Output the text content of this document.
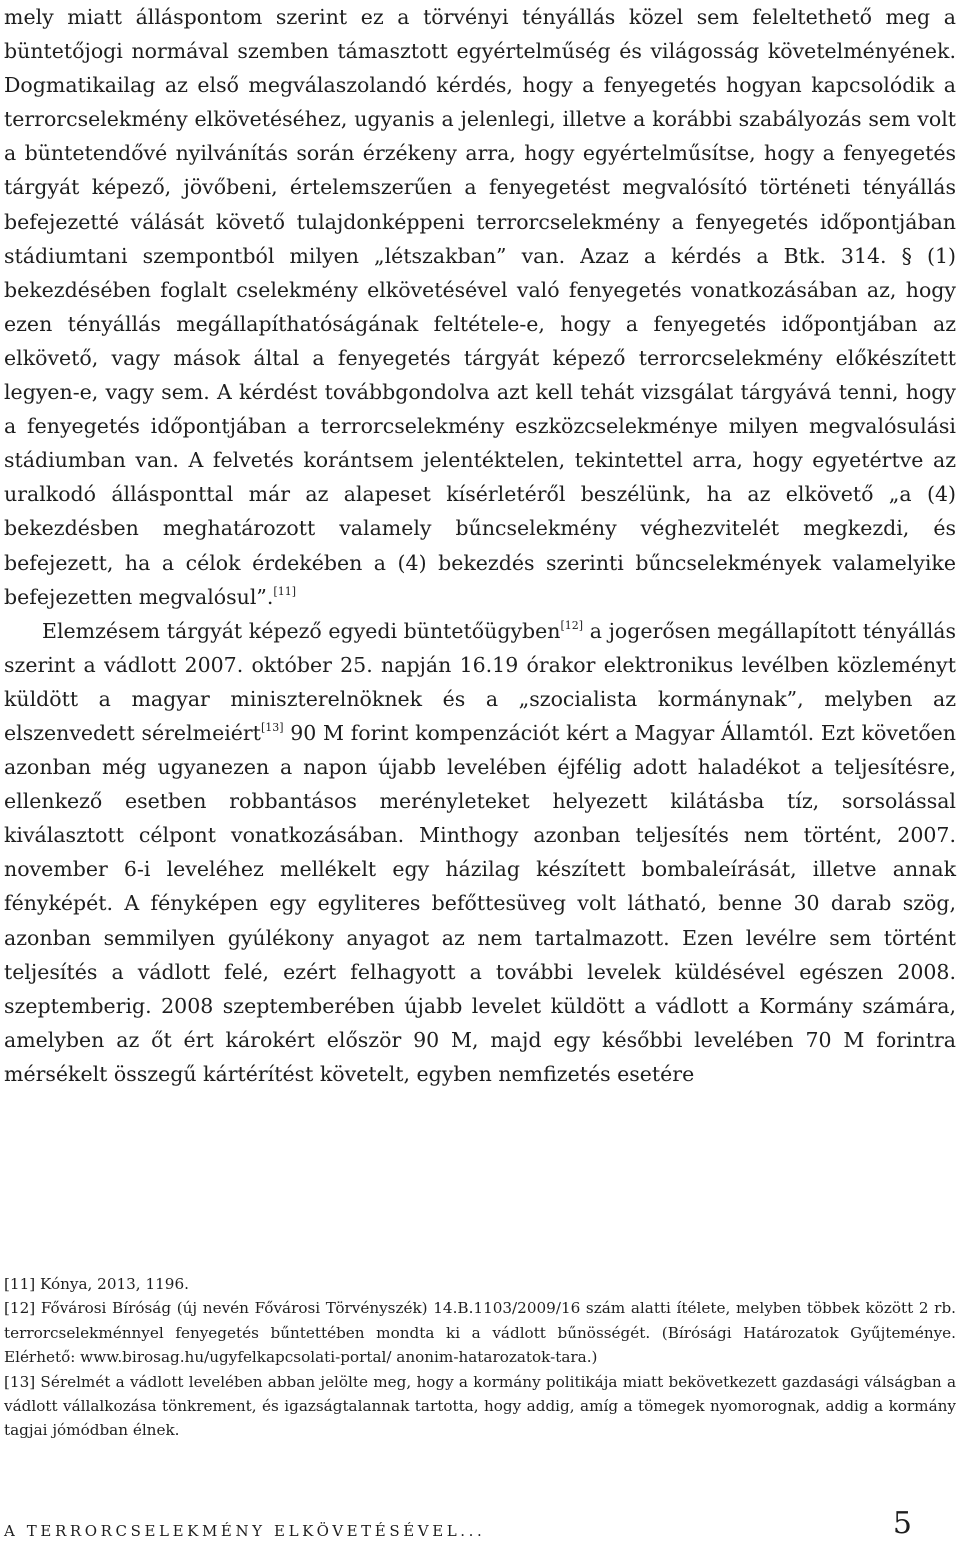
mely miatt álláspontom szerint ez a törvényi tényállás közel sem feleltethető meg a büntetőjogi normával szemben támasztott egyértelműség és világosság követelményének. Dogmatikailag az első megválaszolandó kérdés, hogy a fenyegetés hogyan kapcsolódik a terrorcselekmény elkövetéséhez, ugyanis a jelenlegi, illetve a korábbi szabályozás sem volt a büntetendővé nyilvánítás során érzékeny arra, hogy egyértelműsítse, hogy a fenyegetés tárgyát képező, jövőbeni, értelemszerűen a fenyegetést megvalósító történeti tényállás befejezetté válását követő tulajdonképpeni terrorcselekmény a fenyegetés időpontjában stádiumtani szempontból milyen „létszakban” van. Azaz a kérdés a Btk. 314. § (1) bekezdésében foglalt cselekmény elkövetésével való fenyegetés vonatkozásában az, hogy ezen tényállás megállapíthatóságának feltétele-e, hogy a fenyegetés időpontjában az elkövető, vagy mások által a fenyegetés tárgyát képező terrorcselekmény előkészített legyen-e, vagy sem. A kérdést továbbgondolva azt kell tehát vizsgálat tárgyává tenni, hogy a fenyegetés időpontjában a terrorcselekmény eszközcselekménye milyen megvalósulási stádiumban van. A felvetés korántsem jelentéktelen, tekintettel arra, hogy egyetértve az uralkodó állásponttal már az alapeset kísérletéről beszélünk, ha az elkövető „a (4) bekezdésben meghatározott valamely bűncselekmény véghezvitelét megkezdi, és befejezett, ha a célok érdekében a (4) bekezdés szerinti bűncselekmények valamelyike befejezetten megvalósul”.[11]

Elemzésem tárgyát képező egyedi büntetőügyben[12] a jogerősen megállapított tényállás szerint a vádlott 2007. október 25. napján 16.19 órakor elektronikus levélben közleményt küldött a magyar miniszterelnöknek és a „szocialista kormánynak”, melyben az elszenvedett sérelmeiért[13] 90 M forint kompenzációt kért a Magyar Államtól. Ezt követően azonban még ugyanezen a napon újabb levelében éjfélig adott haladékot a teljesítésre, ellenkező esetben robbantásos merényleteket helyezett kilátásba tíz, sorsolással kiválasztott célpont vonatkozásában. Minthogy azonban teljesítés nem történt, 2007. november 6-i leveléhez mellékelt egy házilag készített bombaleírását, illetve annak fényképét. A fényképen egy egyliteres befőttesüveg volt látható, benne 30 darab szög, azonban semmilyen gyúlékony anyagot az nem tartalmazott. Ezen levélre sem történt teljesítés a vádlott felé, ezért felhagyott a további levelek küldésével egészen 2008. szeptemberig. 2008 szeptemberében újabb levelet küldött a vádlott a Kormány számára, amelyben az őt ért károkért először 90 M, majd egy későbbi levelében 70 M forintra mérsékelt összegű kártérítést követelt, egyben nemfizetés esetére

[11] Kónya, 2013, 1196.

[12] Fővárosi Bíróság (új nevén Fővárosi Törvényszék) 14.B.1103/2009/16 szám alatti ítélete, melyben többek között 2 rb. terrorcselekménnyel fenyegetés bűntettében mondta ki a vádlott bűnösségét. (Bírósági Határozatok Gyűjteménye. Elérhető: www.birosag.hu/ugyfelkapcsolati-portal/ anonim-hatarozatok-tara.)

[13] Sérelmét a vádlott levelében abban jelölte meg, hogy a kormány politikája miatt bekövetkezett gazdasági válságban a vádlott vállalkozása tönkrement, és igazságtalannak tartotta, hogy addig, amíg a tömegek nyomorognak, addig a kormány tagjai jómódban élnek.

A TERRORCSELEKMÉNY ELKÖVETÉSÉVEL...	5
